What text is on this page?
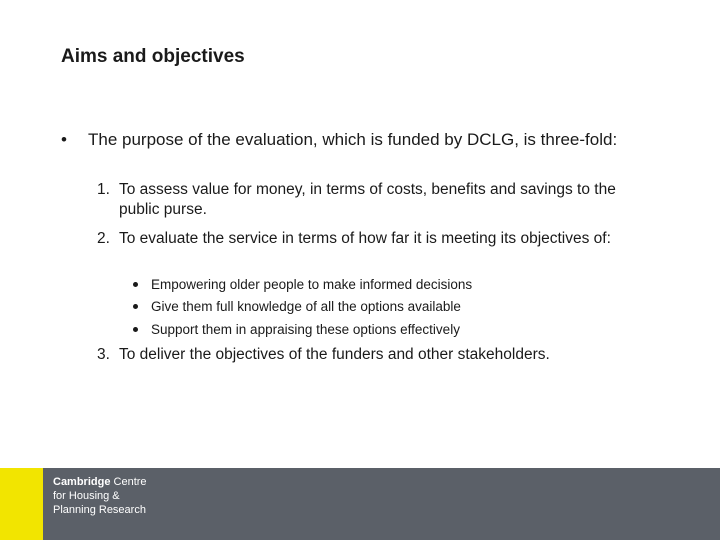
Aims and objectives
• The purpose of the evaluation, which is funded by DCLG, is three-fold:
1. To assess value for money, in terms of costs, benefits and savings to the public purse.
2. To evaluate the service in terms of how far it is meeting its objectives of:
Empowering older people to make informed decisions
Give them full knowledge of all the options available
Support them in appraising these options effectively
3. To deliver the objectives of the funders and other stakeholders.
Cambridge Centre
for Housing &
Planning Research
